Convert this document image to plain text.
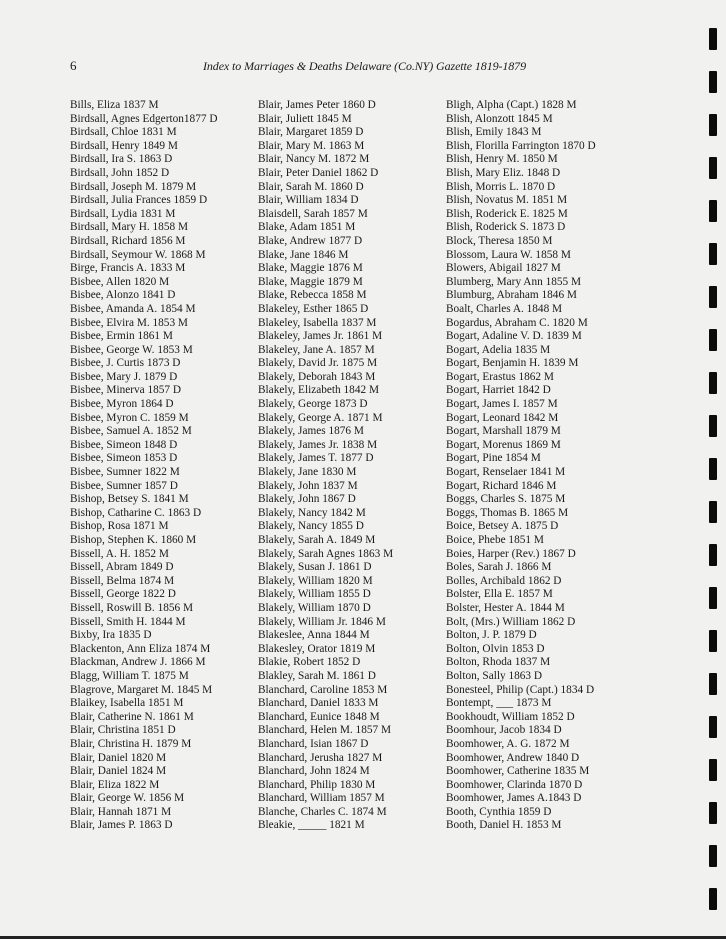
6	Index to Marriages & Deaths Delaware (Co.NY) Gazette 1819-1879
Bills, Eliza 1837 M
Birdsall, Agnes Edgerton1877 D
Birdsall, Chloe 1831 M
Birdsall, Henry 1849 M
Birdsall, Ira S. 1863 D
Birdsall, John 1852 D
Birdsall, Joseph M. 1879 M
Birdsall, Julia Frances 1859 D
Birdsall, Lydia 1831 M
Birdsall, Mary H. 1858 M
Birdsall, Richard 1856 M
Birdsall, Seymour W. 1868 M
Birge, Francis A. 1833 M
Bisbee, Allen 1820 M
Bisbee, Alonzo 1841 D
Bisbee, Amanda A. 1854 M
Bisbee, Elvira M. 1853 M
Bisbee, Ermin 1861 M
Bisbee, George W. 1853 M
Bisbee, J. Curtis 1873 D
Bisbee, Mary J. 1879 D
Bisbee, Minerva 1857 D
Bisbee, Myron 1864 D
Bisbee, Myron C. 1859 M
Bisbee, Samuel A. 1852 M
Bisbee, Simeon 1848 D
Bisbee, Simeon 1853 D
Bisbee, Sumner 1822 M
Bisbee, Sumner 1857 D
Bishop, Betsey S. 1841 M
Bishop, Catharine C. 1863 D
Bishop, Rosa 1871 M
Bishop, Stephen K. 1860 M
Bissell, A. H. 1852 M
Bissell, Abram 1849 D
Bissell, Belma 1874 M
Bissell, George 1822 D
Bissell, Roswill B. 1856 M
Bissell, Smith H. 1844 M
Bixby, Ira 1835 D
Blackenton, Ann Eliza 1874 M
Blackman, Andrew J. 1866 M
Blagg, William T. 1875 M
Blagrove, Margaret M. 1845 M
Blaikey, Isabella 1851 M
Blair, Catherine N. 1861 M
Blair, Christina 1851 D
Blair, Christina H. 1879 M
Blair, Daniel 1820 M
Blair, Daniel 1824 M
Blair, Eliza 1822 M
Blair, George W. 1856 M
Blair, Hannah 1871 M
Blair, James P. 1863 D
Blair, James Peter 1860 D
Blair, Juliett 1845 M
Blair, Margaret 1859 D
Blair, Mary M. 1863 M
Blair, Nancy M. 1872 M
Blair, Peter Daniel 1862 D
Blair, Sarah M. 1860 D
Blair, William 1834 D
Blaisdell, Sarah 1857 M
Blake, Adam 1851 M
Blake, Andrew 1877 D
Blake, Jane 1846 M
Blake, Maggie 1876 M
Blake, Maggie 1879 M
Blake, Rebecca 1858 M
Blakeley, Esther 1865 D
Blakeley, Isabella 1837 M
Blakeley, James Jr. 1861 M
Blakeley, Jane A. 1857 M
Blakely, David Jr. 1875 M
Blakely, Deborah 1843 M
Blakely, Elizabeth 1842 M
Blakely, George 1873 D
Blakely, George A. 1871 M
Blakely, James 1876 M
Blakely, James Jr. 1838 M
Blakely, James T. 1877 D
Blakely, Jane 1830 M
Blakely, John 1837 M
Blakely, John 1867 D
Blakely, Nancy 1842 M
Blakely, Nancy 1855 D
Blakely, Sarah A. 1849 M
Blakely, Sarah Agnes 1863 M
Blakely, Susan J. 1861 D
Blakely, William 1820 M
Blakely, William 1855 D
Blakely, William 1870 D
Blakely, William Jr. 1846 M
Blakeslee, Anna 1844 M
Blakesley, Orator 1819 M
Blakie, Robert 1852 D
Blakley, Sarah M. 1861 D
Blanchard, Caroline 1853 M
Blanchard, Daniel 1833 M
Blanchard, Eunice 1848 M
Blanchard, Helen M. 1857 M
Blanchard, Isian 1867 D
Blanchard, Jerusha 1827 M
Blanchard, John 1824 M
Blanchard, Philip 1830 M
Blanchard, William 1857 M
Blanche, Charles C. 1874 M
Bleakie, _____ 1821 M
Bligh, Alpha (Capt.) 1828 M
Blish, Alonzott 1845 M
Blish, Emily 1843 M
Blish, Florilla Farrington 1870 D
Blish, Henry M. 1850 M
Blish, Mary Eliz. 1848 D
Blish, Morris L. 1870 D
Blish, Novatus M. 1851 M
Blish, Roderick E. 1825 M
Blish, Roderick S. 1873 D
Block, Theresa 1850 M
Blossom, Laura W. 1858 M
Blowers, Abigail 1827 M
Blumberg, Mary Ann 1855 M
Blumburg, Abraham 1846 M
Boalt, Charles A. 1848 M
Bogardus, Abraham C. 1820 M
Bogart, Adaline V. D. 1839 M
Bogart, Adelia 1835 M
Bogart, Benjamin H. 1839 M
Bogart, Erastus 1862 M
Bogart, Harriet 1842 D
Bogart, James I. 1857 M
Bogart, Leonard 1842 M
Bogart, Marshall 1879 M
Bogart, Morenus 1869 M
Bogart, Pine 1854 M
Bogart, Renselaer 1841 M
Bogart, Richard 1846 M
Boggs, Charles S. 1875 M
Boggs, Thomas B. 1865 M
Boice, Betsey A. 1875 D
Boice, Phebe 1851 M
Boies, Harper (Rev.) 1867 D
Boles, Sarah J. 1866 M
Bolles, Archibald 1862 D
Bolster, Ella E. 1857 M
Bolster, Hester A. 1844 M
Bolt, (Mrs.) William 1862 D
Bolton, J. P. 1879 D
Bolton, Olvin 1853 D
Bolton, Rhoda 1837 M
Bolton, Sally 1863 D
Bonesteel, Philip (Capt.) 1834 D
Bontempt, ___ 1873 M
Bookhoudt, William 1852 D
Boomhour, Jacob 1834 D
Boomhower, A. G. 1872 M
Boomhower, Andrew 1840 D
Boomhower, Catherine 1835 M
Boomhower, Clarinda 1870 D
Boomhower, James A.1843 D
Booth, Cynthia 1859 D
Booth, Daniel H. 1853 M
